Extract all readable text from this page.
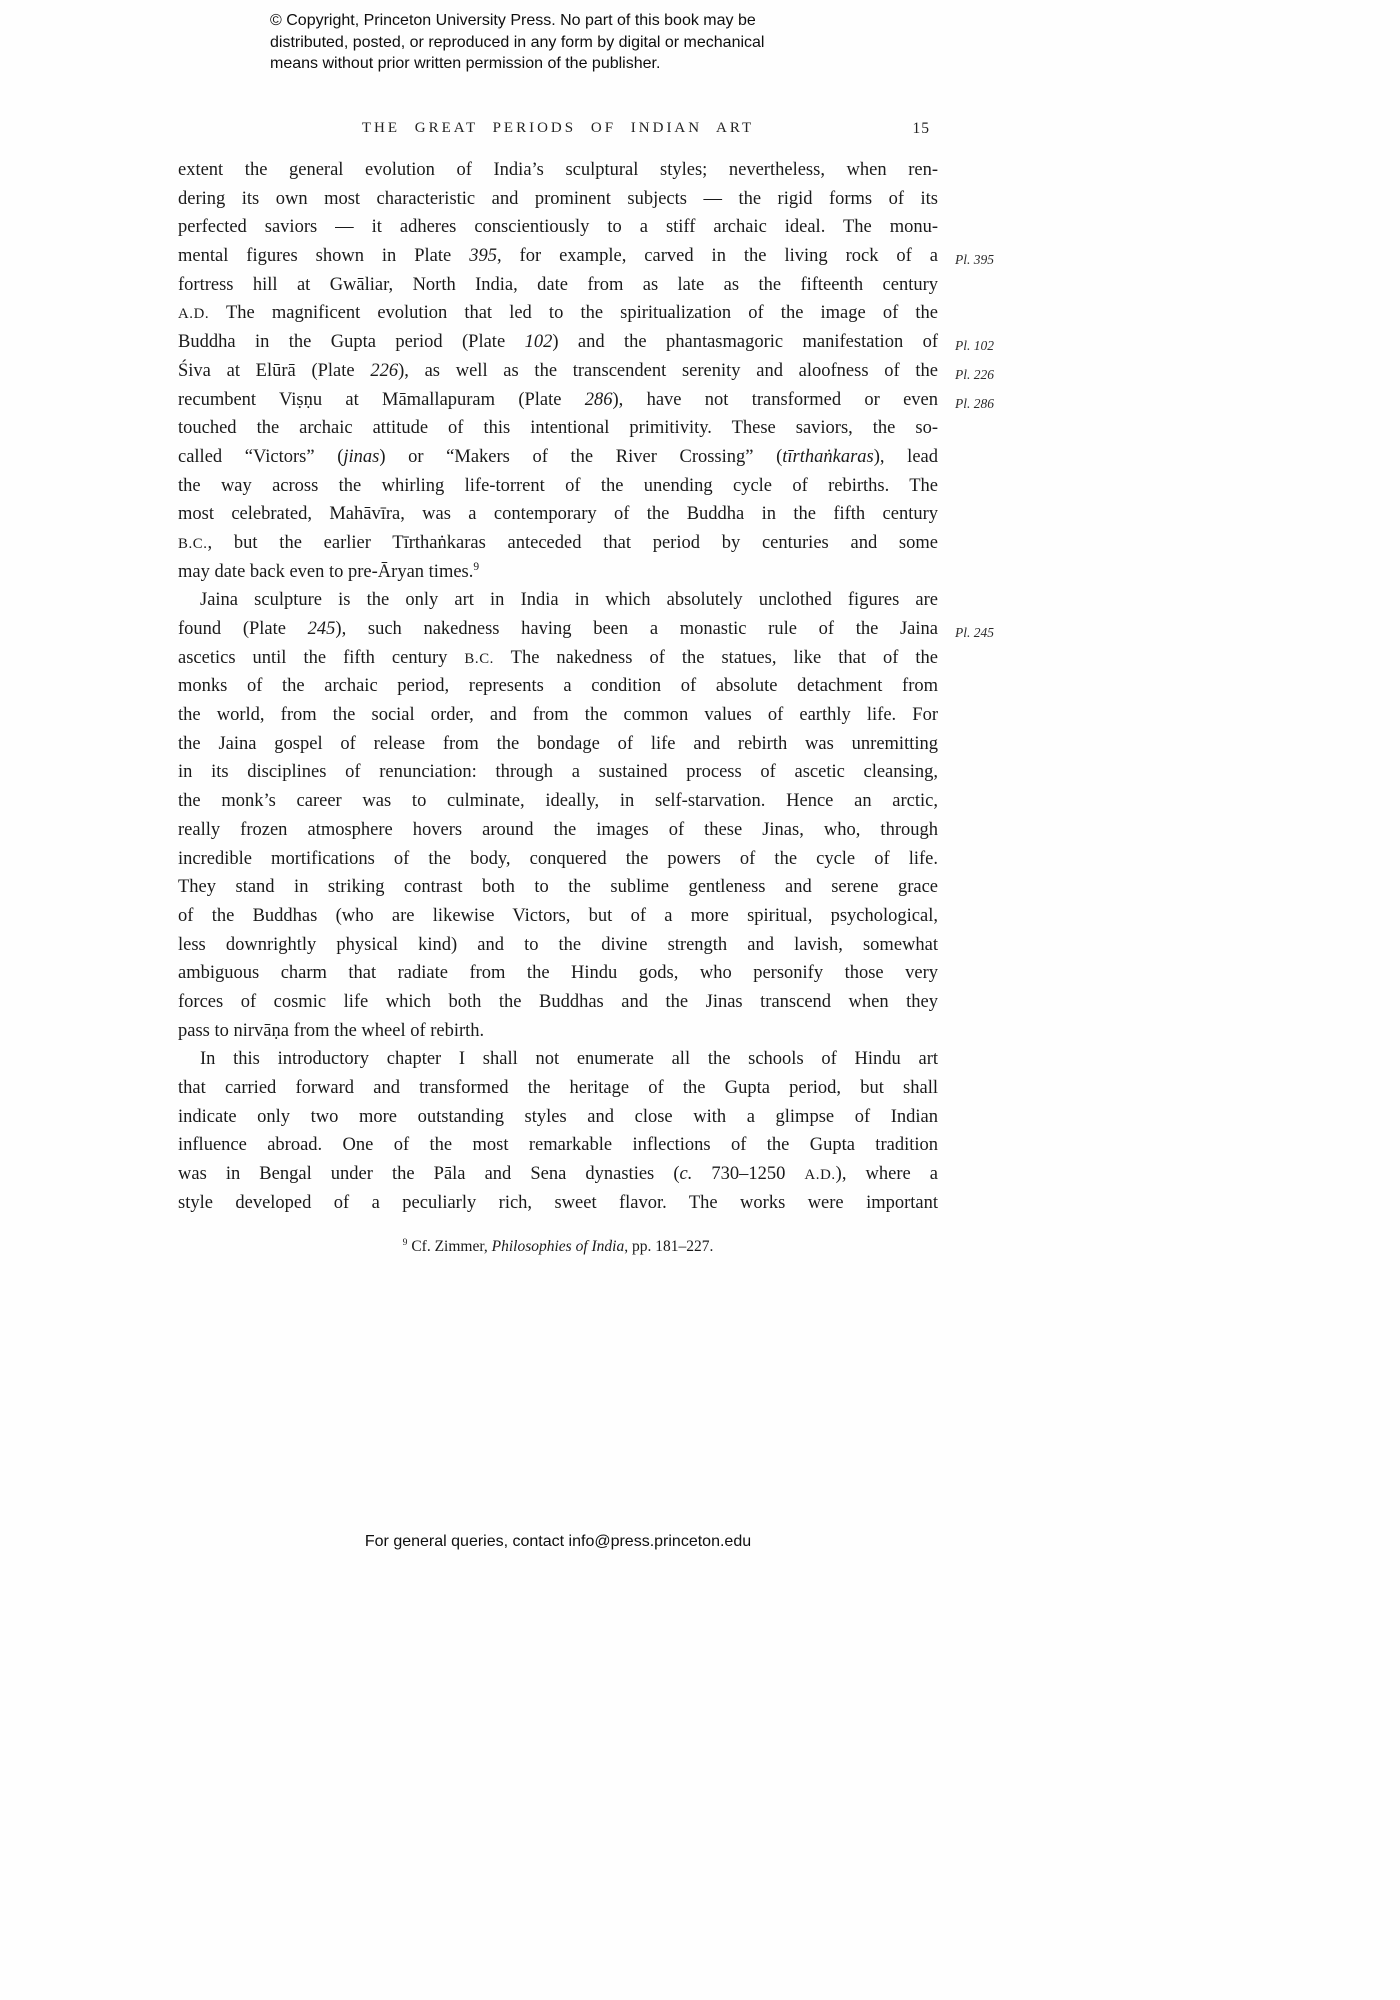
© Copyright, Princeton University Press. No part of this book may be
distributed, posted, or reproduced in any form by digital or mechanical
means without prior written permission of the publisher.
THE GREAT PERIODS OF INDIAN ART	15
extent the general evolution of India’s sculptural styles; nevertheless, when ren-
dering its own most characteristic and prominent subjects — the rigid forms of its
perfected saviors — it adheres conscientiously to a stiff archaic ideal. The monu-
mental figures shown in Plate 395, for example, carved in the living rock of a Pl. 395
fortress hill at Gwāliar, North India, date from as late as the fifteenth century
A.D. The magnificent evolution that led to the spiritualization of the image of the
Buddha in the Gupta period (Plate 102) and the phantasmagoric manifestation of Pl. 102
Śiva at Elūrā (Plate 226), as well as the transcendent serenity and aloofness of the Pl. 226
recumbent Viṣṇu at Māmallapuram (Plate 286), have not transformed or even Pl. 286
touched the archaic attitude of this intentional primitivity. These saviors, the so-
called “Victors” (jinas) or “Makers of the River Crossing” (tīrthaṅkaras), lead
the way across the whirling life-torrent of the unending cycle of rebirths. The
most celebrated, Mahāvīra, was a contemporary of the Buddha in the fifth century
B.C., but the earlier Tīrthaṅkaras anteceded that period by centuries and some
may date back even to pre-Āryan times.$^9$
Jaina sculpture is the only art in India in which absolutely unclothed figures are
found (Plate 245), such nakedness having been a monastic rule of the Jaina Pl. 245
ascetics until the fifth century B.C. The nakedness of the statues, like that of the
monks of the archaic period, represents a condition of absolute detachment from
the world, from the social order, and from the common values of earthly life. For
the Jaina gospel of release from the bondage of life and rebirth was unremitting
in its disciplines of renunciation: through a sustained process of ascetic cleansing,
the monk’s career was to culminate, ideally, in self-starvation. Hence an arctic,
really frozen atmosphere hovers around the images of these Jinas, who, through
incredible mortifications of the body, conquered the powers of the cycle of life.
They stand in striking contrast both to the sublime gentleness and serene grace
of the Buddhas (who are likewise Victors, but of a more spiritual, psychological,
less downrightly physical kind) and to the divine strength and lavish, somewhat
ambiguous charm that radiate from the Hindu gods, who personify those very
forces of cosmic life which both the Buddhas and the Jinas transcend when they
pass to nirvāṇa from the wheel of rebirth.
In this introductory chapter I shall not enumerate all the schools of Hindu art
that carried forward and transformed the heritage of the Gupta period, but shall
indicate only two more outstanding styles and close with a glimpse of Indian
influence abroad. One of the most remarkable inflections of the Gupta tradition
was in Bengal under the Pāla and Sena dynasties (c. 730–1250 A.D.), where a
style developed of a peculiarly rich, sweet flavor. The works were important
$^9$ Cf. Zimmer, Philosophies of India, pp. 181–227.
For general queries, contact info@press.princeton.edu
